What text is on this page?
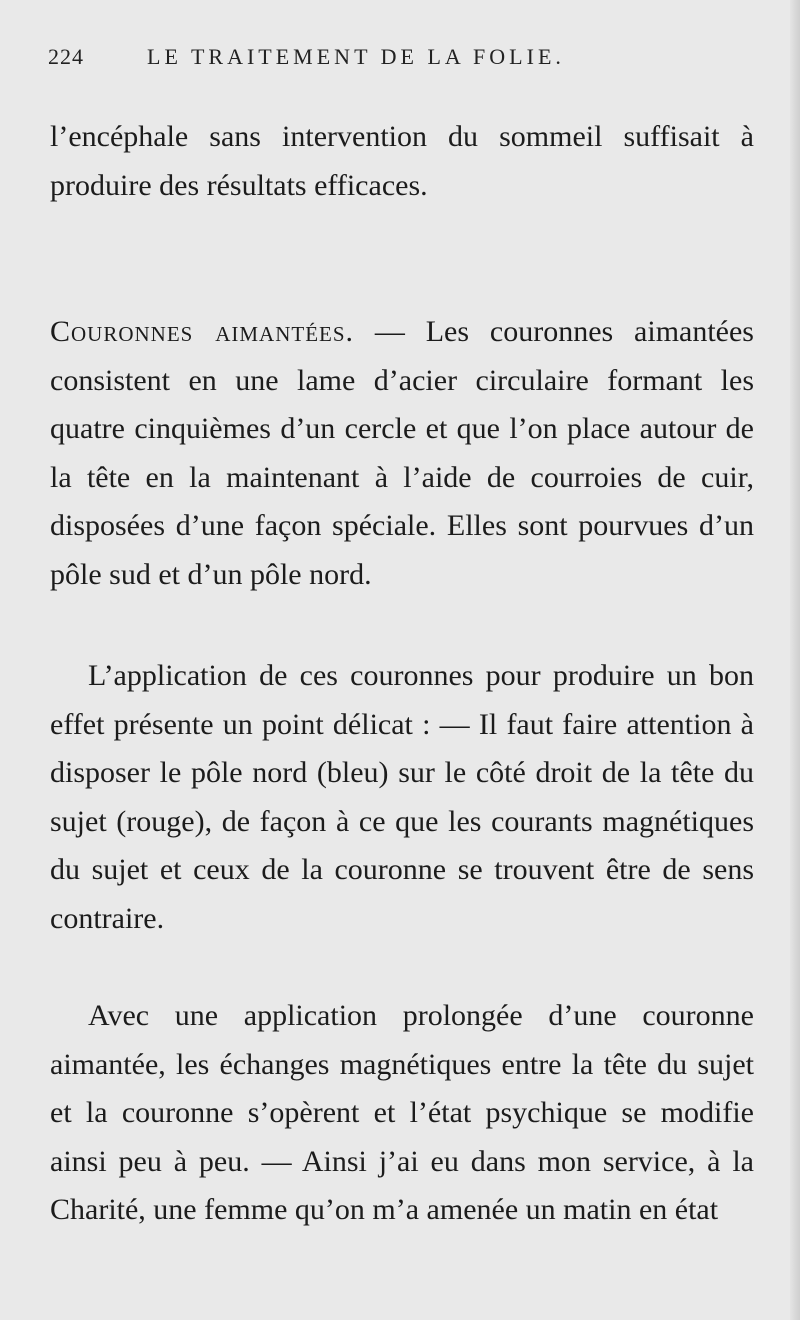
224	LE TRAITEMENT DE LA FOLIE.

l’encéphale sans intervention du sommeil suffisait à produire des résultats efficaces.

Couronnes aimantées. — Les couronnes aimantées consistent en une lame d’acier circulaire formant les quatre cinquièmes d’un cercle et que l’on place autour de la tête en la maintenant à l’aide de courroies de cuir, disposées d’une façon spéciale. Elles sont pourvues d’un pôle sud et d’un pôle nord.

L’application de ces couronnes pour produire un bon effet présente un point délicat : — Il faut faire attention à disposer le pôle nord (bleu) sur le côté droit de la tête du sujet (rouge), de façon à ce que les courants magnétiques du sujet et ceux de la couronne se trouvent être de sens contraire.

Avec une application prolongée d’une couronne aimantée, les échanges magnétiques entre la tête du sujet et la couronne s’opèrent et l’état psychique se modifie ainsi peu à peu. — Ainsi j’ai eu dans mon service, à la Charité, une femme qu’on m’a amenée un matin en état
